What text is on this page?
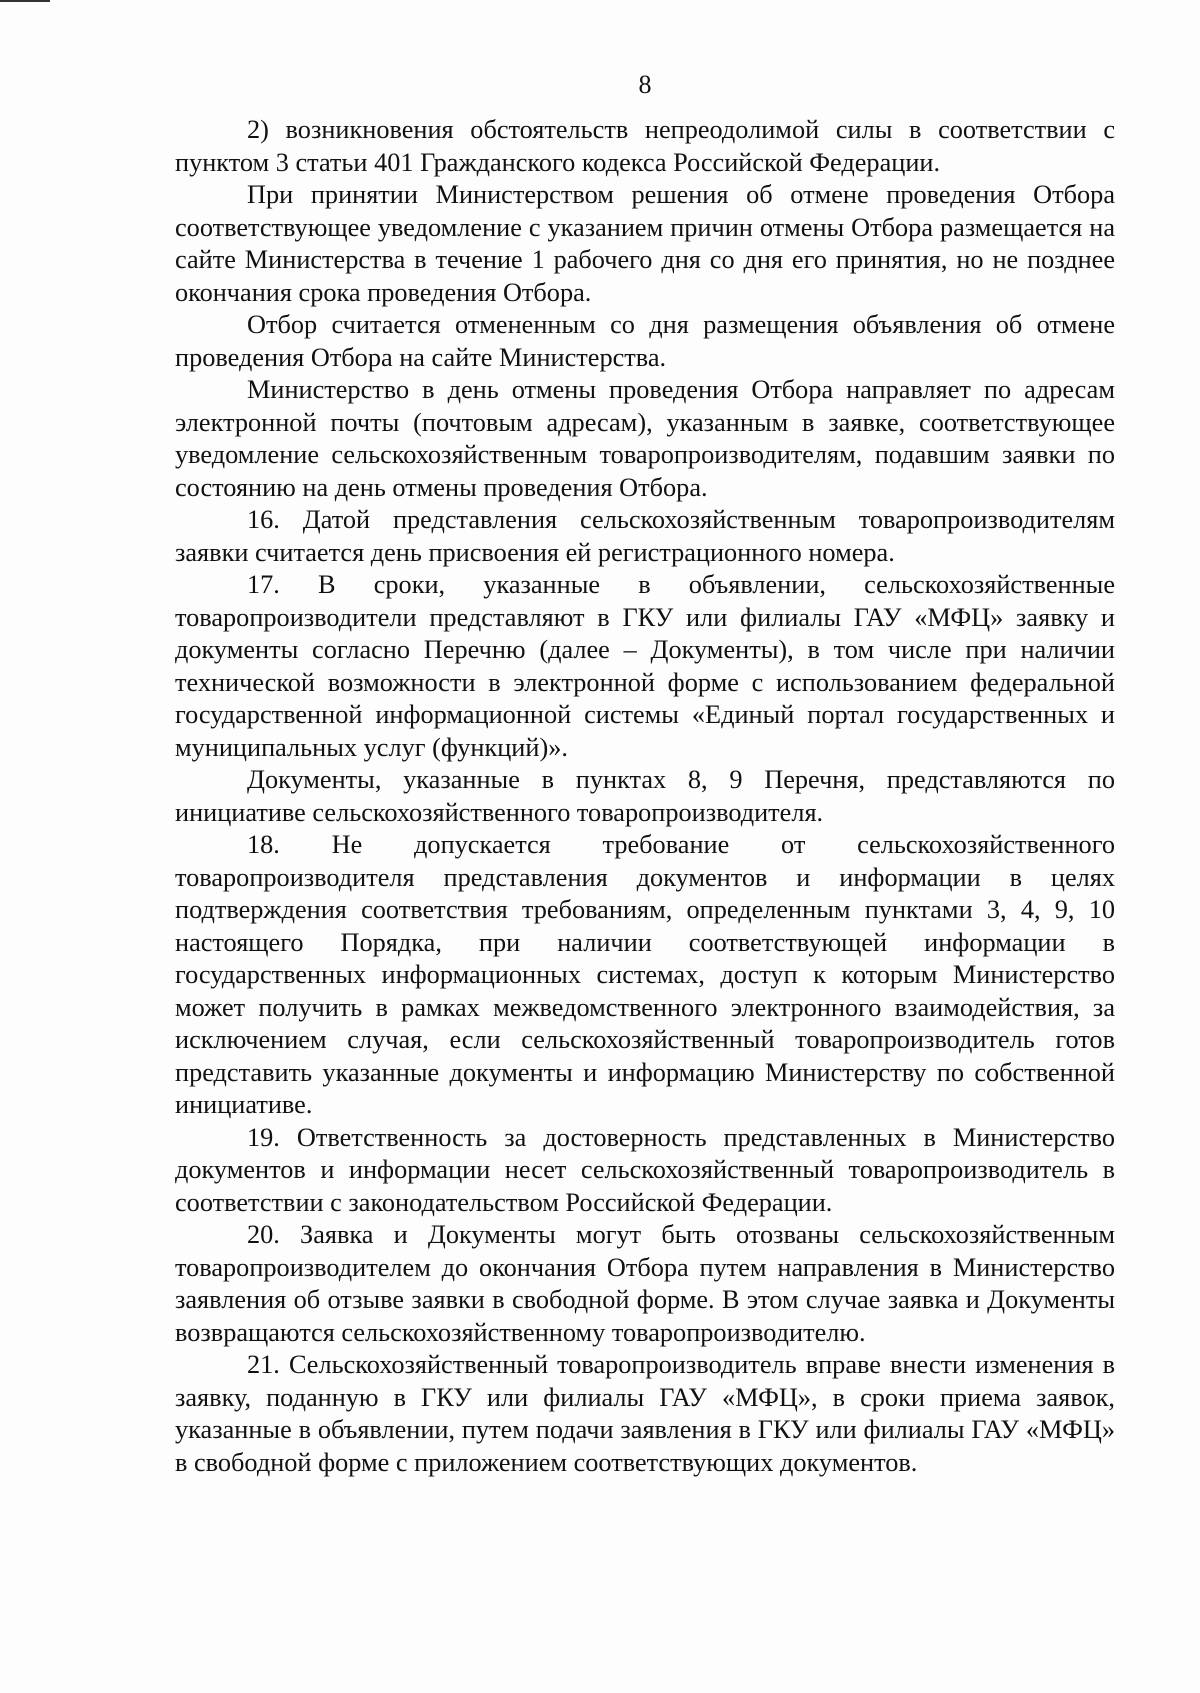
8

2) возникновения обстоятельств непреодолимой силы в соответствии с пунктом 3 статьи 401 Гражданского кодекса Российской Федерации.

При принятии Министерством решения об отмене проведения Отбора соответствующее уведомление с указанием причин отмены Отбора размещается на сайте Министерства в течение 1 рабочего дня со дня его принятия, но не позднее окончания срока проведения Отбора.

Отбор считается отмененным со дня размещения объявления об отмене проведения Отбора на сайте Министерства.

Министерство в день отмены проведения Отбора направляет по адресам электронной почты (почтовым адресам), указанным в заявке, соответствующее уведомление сельскохозяйственным товаропроизводителям, подавшим заявки по состоянию на день отмены проведения Отбора.

16. Датой представления сельскохозяйственным товаропроизводителям заявки считается день присвоения ей регистрационного номера.

17. В сроки, указанные в объявлении, сельскохозяйственные товаропроизводители представляют в ГКУ или филиалы ГАУ «МФЦ» заявку и документы согласно Перечню (далее – Документы), в том числе при наличии технической возможности в электронной форме с использованием федеральной государственной информационной системы «Единый портал государственных и муниципальных услуг (функций)».

Документы, указанные в пунктах 8, 9 Перечня, представляются по инициативе сельскохозяйственного товаропроизводителя.

18. Не допускается требование от сельскохозяйственного товаропроизводителя представления документов и информации в целях подтверждения соответствия требованиям, определенным пунктами 3, 4, 9, 10 настоящего Порядка, при наличии соответствующей информации в государственных информационных системах, доступ к которым Министерство может получить в рамках межведомственного электронного взаимодействия, за исключением случая, если сельскохозяйственный товаропроизводитель готов представить указанные документы и информацию Министерству по собственной инициативе.

19. Ответственность за достоверность представленных в Министерство документов и информации несет сельскохозяйственный товаропроизводитель в соответствии с законодательством Российской Федерации.

20. Заявка и Документы могут быть отозваны сельскохозяйственным товаропроизводителем до окончания Отбора путем направления в Министерство заявления об отзыве заявки в свободной форме. В этом случае заявка и Документы возвращаются сельскохозяйственному товаропроизводителю.

21. Сельскохозяйственный товаропроизводитель вправе внести изменения в заявку, поданную в ГКУ или филиалы ГАУ «МФЦ», в сроки приема заявок, указанные в объявлении, путем подачи заявления в ГКУ или филиалы ГАУ «МФЦ» в свободной форме с приложением соответствующих документов.
